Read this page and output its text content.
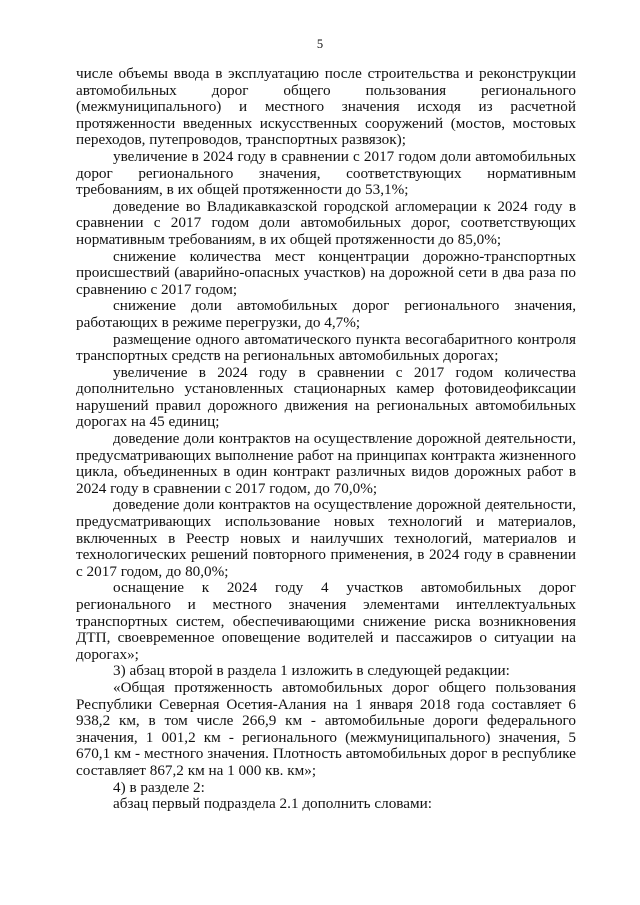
5

числе объемы ввода в эксплуатацию после строительства и реконструкции автомобильных дорог общего пользования регионального (межмуниципального) и местного значения исходя из расчетной протяженности введенных искусственных сооружений (мостов, мостовых переходов, путепроводов, транспортных развязок);

увеличение в 2024 году в сравнении с 2017 годом доли автомобильных дорог регионального значения, соответствующих нормативным требованиям, в их общей протяженности до 53,1%;

доведение во Владикавказской городской агломерации к 2024 году в сравнении с 2017 годом доли автомобильных дорог, соответствующих нормативным требованиям, в их общей протяженности до 85,0%;

снижение количества мест концентрации дорожно-транспортных происшествий (аварийно-опасных участков) на дорожной сети в два раза по сравнению с 2017 годом;

снижение доли автомобильных дорог регионального значения, работающих в режиме перегрузки, до 4,7%;

размещение одного автоматического пункта весогабаритного контроля транспортных средств на региональных автомобильных дорогах;

увеличение в 2024 году в сравнении с 2017 годом количества дополнительно установленных стационарных камер фотовидеофиксации нарушений правил дорожного движения на региональных автомобильных дорогах на 45 единиц;

доведение доли контрактов на осуществление дорожной деятельности, предусматривающих выполнение работ на принципах контракта жизненного цикла, объединенных в один контракт различных видов дорожных работ в 2024 году в сравнении с 2017 годом, до 70,0%;

доведение доли контрактов на осуществление дорожной деятельности, предусматривающих использование новых технологий и материалов, включенных в Реестр новых и наилучших технологий, материалов и технологических решений повторного применения, в 2024 году в сравнении с 2017 годом, до 80,0%;

оснащение к 2024 году 4 участков автомобильных дорог регионального и местного значения элементами интеллектуальных транспортных систем, обеспечивающими снижение риска возникновения ДТП, своевременное оповещение водителей и пассажиров о ситуации на дорогах»;

3) абзац второй в раздела 1 изложить в следующей редакции:

«Общая протяженность автомобильных дорог общего пользования Республики Северная Осетия-Алания на 1 января 2018 года составляет 6 938,2 км, в том числе 266,9 км - автомобильные дороги федерального значения, 1 001,2 км - регионального (межмуниципального) значения, 5 670,1 км - местного значения. Плотность автомобильных дорог в республике составляет 867,2 км на 1 000 кв. км»;

4) в разделе 2:

абзац первый подраздела 2.1 дополнить словами:
